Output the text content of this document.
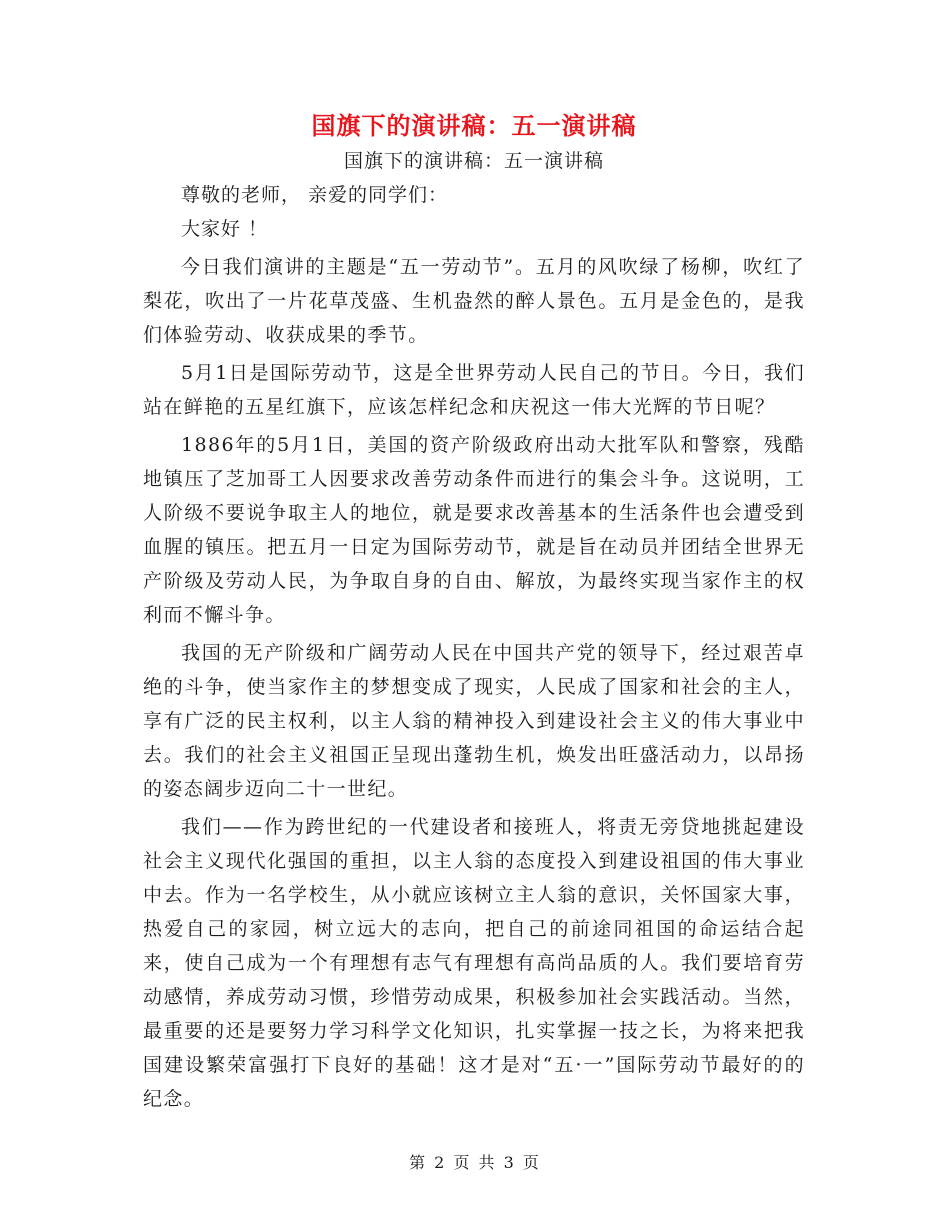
国旗下的演讲稿：五一演讲稿

国旗下的演讲稿：五一演讲稿

尊敬的老师， 亲爱的同学们：

大家好 ！

今日我们演讲的主题是“五一劳动节”。五月的风吹绿了杨柳，吹红了梨花，吹出了一片花草茂盛、生机盎然的醉人景色。五月是金色的，是我们体验劳动、收获成果的季节。

5月1日是国际劳动节，这是全世界劳动人民自己的节日。今日，我们站在鲜艳的五星红旗下，应该怎样纪念和庆祝这一伟大光辉的节日呢？

1886年的5月1日，美国的资产阶级政府出动大批军队和警察，残酷地镇压了芝加哥工人因要求改善劳动条件而进行的集会斗争。这说明，工人阶级不要说争取主人的地位，就是要求改善基本的生活条件也会遭受到血腥的镇压。把五月一日定为国际劳动节，就是旨在动员并团结全世界无产阶级及劳动人民，为争取自身的自由、解放，为最终实现当家作主的权利而不懈斗争。

我国的无产阶级和广阔劳动人民在中国共产党的领导下，经过艰苦卓绝的斗争，使当家作主的梦想变成了现实，人民成了国家和社会的主人，享有广泛的民主权利，以主人翁的精神投入到建设社会主义的伟大事业中去。我们的社会主义祖国正呈现出蓬勃生机，焕发出旺盛活动力，以昂扬的姿态阔步迈向二十一世纪。

我们——作为跨世纪的一代建设者和接班人，将责无旁贷地挑起建设社会主义现代化强国的重担，以主人翁的态度投入到建设祖国的伟大事业中去。作为一名学校生，从小就应该树立主人翁的意识，关怀国家大事，热爱自己的家园，树立远大的志向，把自己的前途同祖国的命运结合起来，使自己成为一个有理想有志气有理想有高尚品质的人。我们要培育劳动感情，养成劳动习惯，珍惜劳动成果，积极参加社会实践活动。当然，最重要的还是要努力学习科学文化知识，扎实掌握一技之长，为将来把我国建设繁荣富强打下良好的基础！这才是对“五·一”国际劳动节最好的的纪念。

第 2 页 共 3 页
